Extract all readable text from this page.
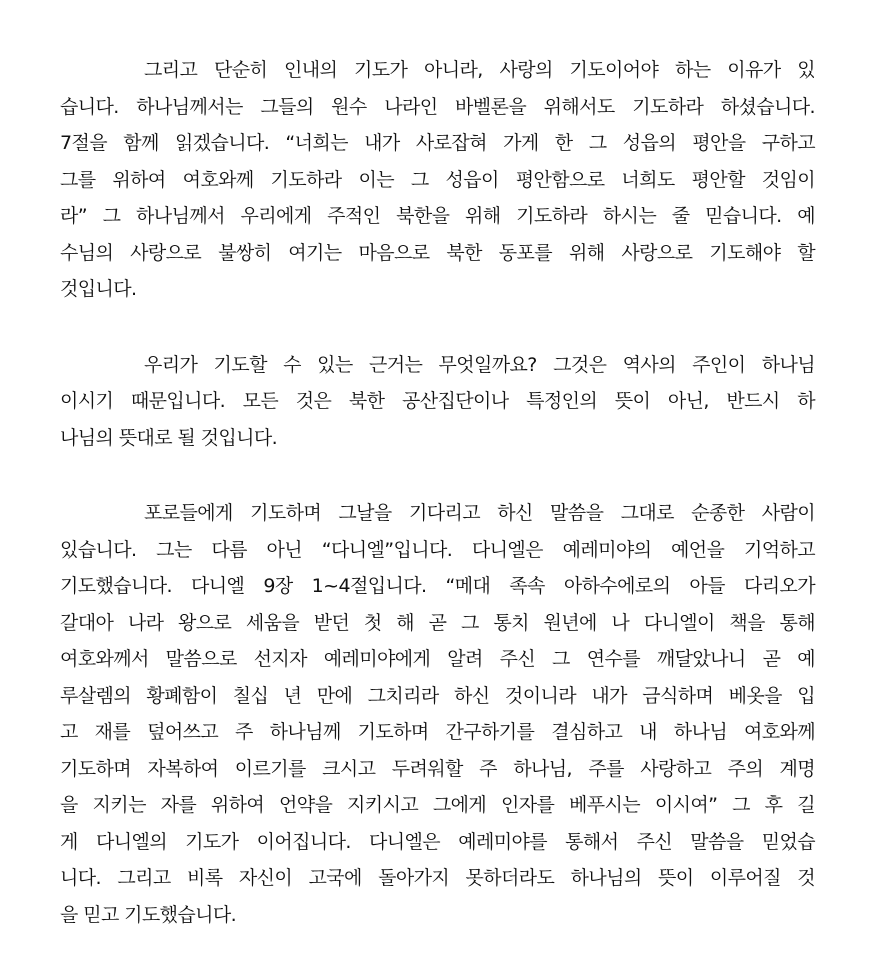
그리고 단순히 인내의 기도가 아니라, 사랑의 기도이어야 하는 이유가 있
습니다. 하나님께서는 그들의 원수 나라인 바벨론을 위해서도 기도하라 하셨습니다.
7절을 함께 읽겠습니다. “너희는 내가 사로잡혀 가게 한 그 성읍의 평안을 구하고
그를 위하여 여호와께 기도하라 이는 그 성읍이 평안함으로 너희도 평안할 것임이
라” 그 하나님께서 우리에게 주적인 북한을 위해 기도하라 하시는 줄 믿습니다. 예
수님의 사랑으로 불쌍히 여기는 마음으로 북한 동포를 위해 사랑으로 기도해야 할
것입니다.
우리가 기도할 수 있는 근거는 무엇일까요? 그것은 역사의 주인이 하나님
이시기 때문입니다. 모든 것은 북한 공산집단이나 특정인의 뜻이 아닌, 반드시 하
나님의 뜻대로 될 것입니다.
포로들에게 기도하며 그날을 기다리고 하신 말씀을 그대로 순종한 사람이
있습니다. 그는 다름 아닌 “다니엘”입니다. 다니엘은 예레미야의 예언을 기억하고
기도했습니다. 다니엘 9장 1~4절입니다. “메대 족속 아하수에로의 아들 다리오가
갈대아 나라 왕으로 세움을 받던 첫 해 곧 그 통치 원년에 나 다니엘이 책을 통해
여호와께서 말씀으로 선지자 예레미야에게 알려 주신 그 연수를 깨달았나니 곧 예
루살렘의 황폐함이 칠십 년 만에 그치리라 하신 것이니라 내가 금식하며 베옷을 입
고 재를 덮어쓰고 주 하나님께 기도하며 간구하기를 결심하고 내 하나님 여호와께
기도하며 자복하여 이르기를 크시고 두려워할 주 하나님, 주를 사랑하고 주의 계명
을 지키는 자를 위하여 언약을 지키시고 그에게 인자를 베푸시는 이시여” 그 후 길
게 다니엘의 기도가 이어집니다. 다니엘은 예레미야를 통해서 주신 말씀을 믿었습
니다. 그리고 비록 자신이 고국에 돌아가지 못하더라도 하나님의 뜻이 이루어질 것
을 믿고 기도했습니다.
